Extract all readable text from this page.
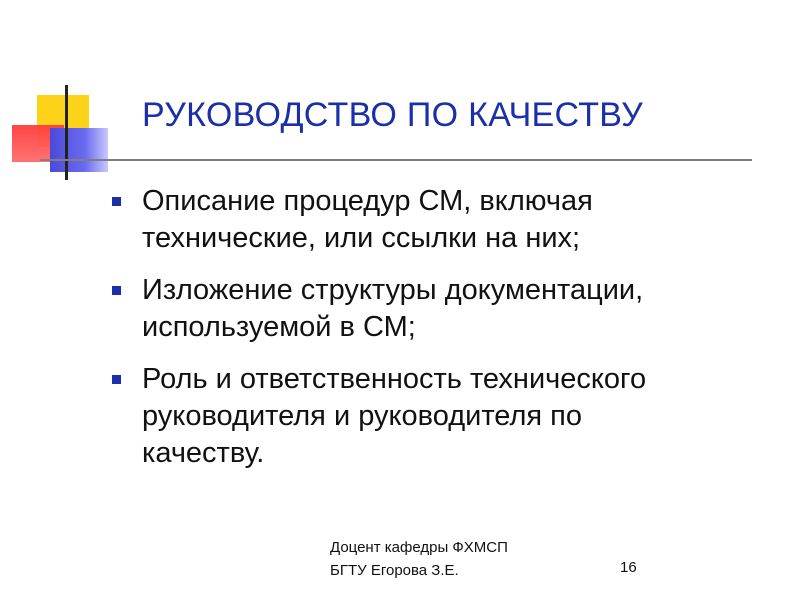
РУКОВОДСТВО ПО КАЧЕСТВУ
Описание процедур СМ, включая
технические, или ссылки на них;
Изложение структуры документации,
используемой в СМ;
Роль и ответственность технического
руководителя и руководителя по
качеству.
Доцент кафедры ФХМСП
БГТУ Егорова З.Е.	16
